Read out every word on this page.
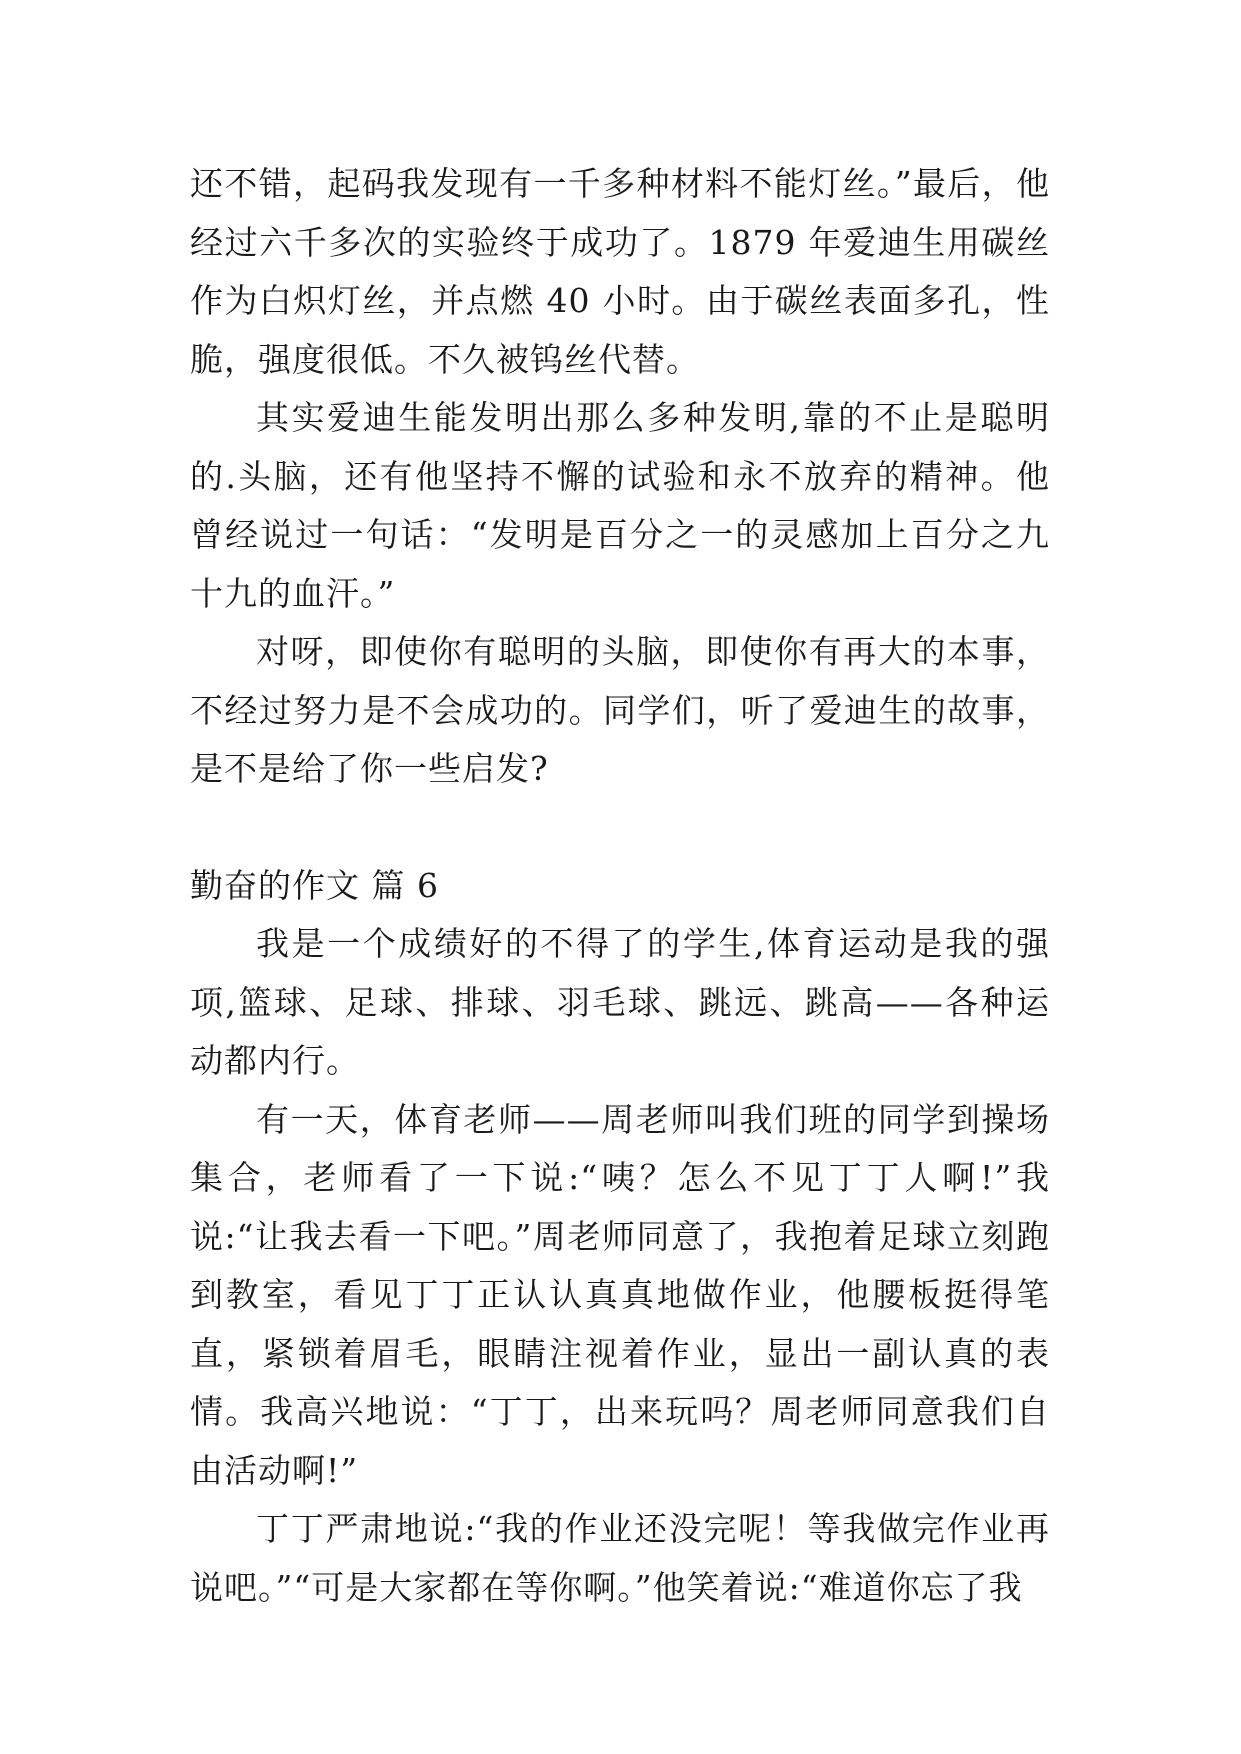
还不错，起码我发现有一千多种材料不能灯丝。”最后，他经过六千多次的实验终于成功了。1879 年爱迪生用碳丝作为白炽灯丝，并点燃 40 小时。由于碳丝表面多孔，性脆，强度很低。不久被钨丝代替。

其实爱迪生能发明出那么多种发明,靠的不止是聪明的.头脑，还有他坚持不懈的试验和永不放弃的精神。他曾经说过一句话：“发明是百分之一的灵感加上百分之九十九的血汗。”

对呀，即使你有聪明的头脑，即使你有再大的本事，不经过努力是不会成功的。同学们，听了爱迪生的故事，是不是给了你一些启发?

勤奋的作文 篇 6

我是一个成绩好的不得了的学生,体育运动是我的强项,篮球、足球、排球、羽毛球、跳远、跳高——各种运动都内行。

有一天，体育老师——周老师叫我们班的同学到操场集合，老师看了一下说:“咦？怎么不见丁丁人啊!”我说:“让我去看一下吧。”周老师同意了，我抱着足球立刻跑到教室，看见丁丁正认认真真地做作业，他腰板挺得笔直，紧锁着眉毛，眼睛注视着作业，显出一副认真的表情。我高兴地说：“丁丁，出来玩吗？周老师同意我们自由活动啊!”

丁丁严肃地说:“我的作业还没完呢！等我做完作业再说吧。”“可是大家都在等你啊。”他笑着说:“难道你忘了我
